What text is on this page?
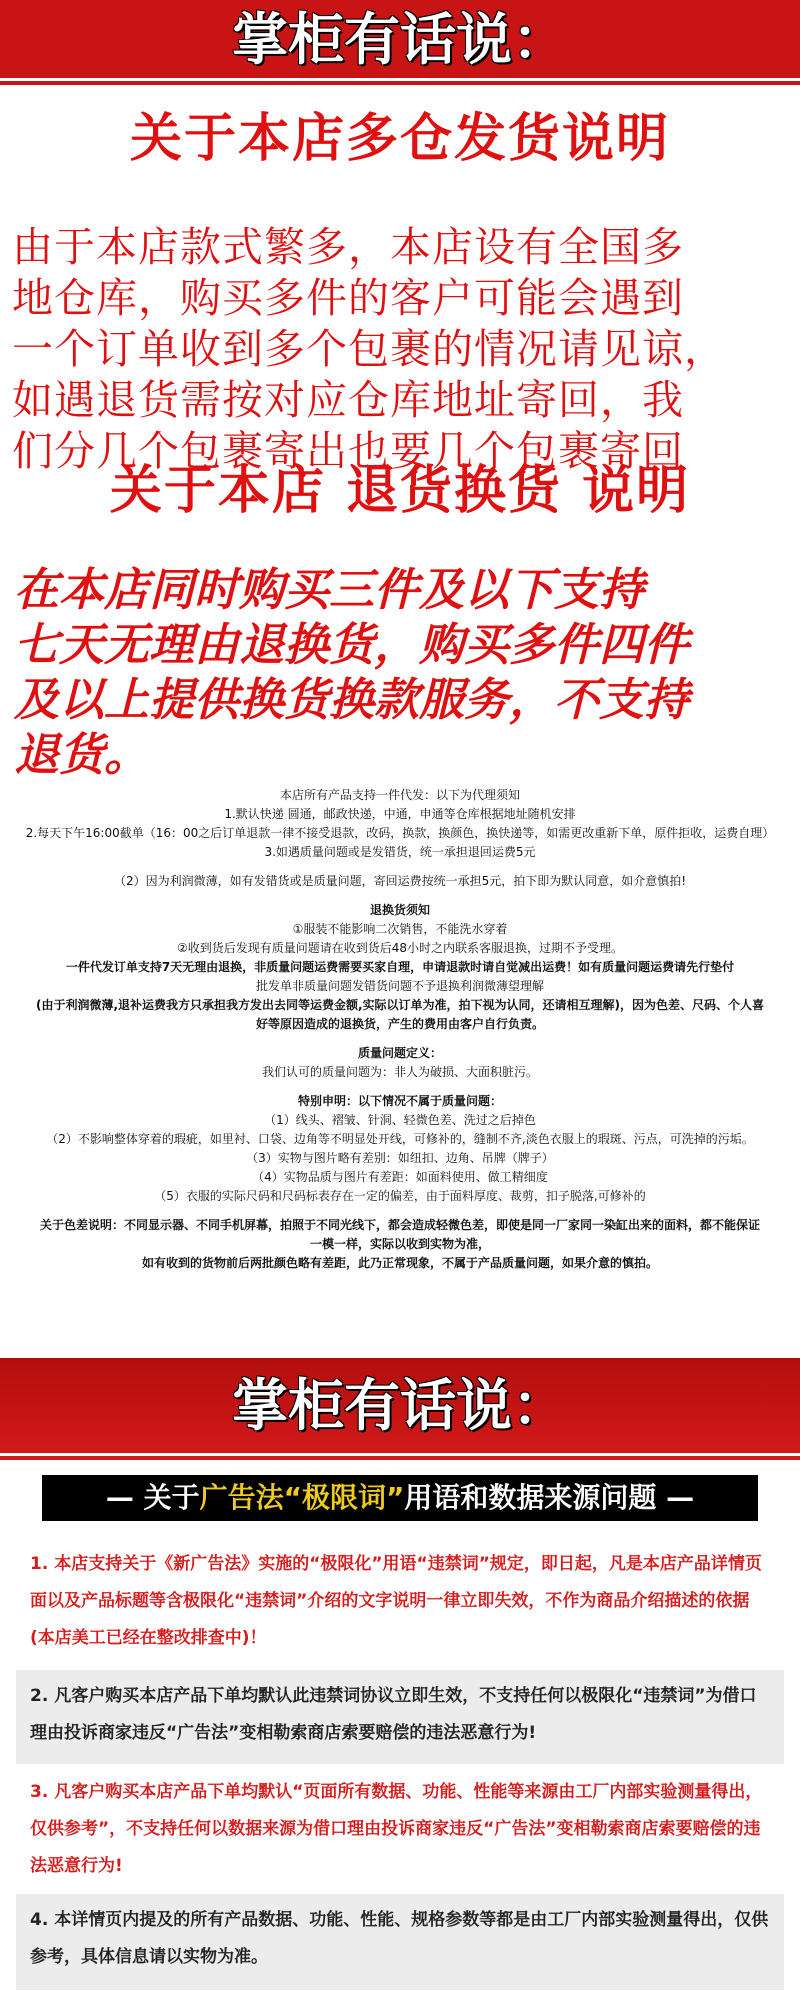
掌柜有话说：
关于本店多仓发货说明
由于本店款式繁多，本店设有全国多
地仓库，购买多件的客户可能会遇到
一个订单收到多个包裹的情况请见谅，
如遇退货需按对应仓库地址寄回，我
们分几个包裹寄出也要几个包裹寄回
关于本店 退货换货 说明
在本店同时购买三件及以下支持
七天无理由退换货，购买多件四件
及以上提供换货换款服务，不支持
退货。
本店所有产品支持一件代发：以下为代理须知
1.默认快递 圆通，邮政快递，中通，申通等仓库根据地址随机安排
2.每天下午16:00截单（16：00之后订单退款一律不接受退款，改码，换款，换颜色，换快递等，如需更改重新下单，原件拒收，运费自理）
3.如遇质量问题或是发错货，统一承担退回运费5元
（2）因为利润微薄，如有发错货或是质量问题，寄回运费按统一承担5元，拍下即为默认同意，如介意慎拍!
退换货须知
①服装不能影响二次销售，不能洗水穿着
②收到货后发现有质量问题请在收到货后48小时之内联系客服退换，过期不予受理。
一件代发订单支持7天无理由退换，非质量问题运费需要买家自理，申请退款时请自觉减出运费！如有质量问题运费请先行垫付
批发单非质量问题发错货问题不予退换利润微薄望理解
(由于利润微薄,退补运费我方只承担我方发出去同等运费金额,实际以订单为准，拍下视为认同，还请相互理解)，因为色差、尺码、个人喜
好等原因造成的退换货，产生的费用由客户自行负责。
质量问题定义：
我们认可的质量问题为：非人为破损、大面积脏污。
特别申明：以下情况不属于质量问题：
（1）线头、褶皱、针洞、轻微色差、洗过之后掉色
（2）不影响整体穿着的瑕疵，如里衬、口袋、边角等不明显处开线，可修补的，缝制不齐,淡色衣服上的瑕斑、污点，可洗掉的污垢。
（3）实物与图片略有差别：如纽扣、边角、吊牌（牌子）
（4）实物品质与图片有差距：如面料使用、做工精细度
（5）衣服的实际尺码和尺码标表存在一定的偏差，由于面料厚度、裁剪，扣子脱落,可修补的
关于色差说明：不同显示器、不同手机屏幕，拍照于不同光线下，都会造成轻微色差，即使是同一厂家同一染缸出来的面料，都不能保证
一模一样，实际以收到实物为准，
如有收到的货物前后两批颜色略有差距，此乃正常现象，不属于产品质量问题，如果介意的慎拍。
掌柜有话说：
— 关于广告法“极限词”用语和数据来源问题 —
1. 本店支持关于《新广告法》实施的“极限化”用语“违禁词”规定，即日起，凡是本店产品详情页面以及产品标题等含极限化“违禁词”介绍的文字说明一律立即失效，不作为商品介绍描述的依据(本店美工已经在整改排查中)！
2. 凡客户购买本店产品下单均默认此违禁词协议立即生效，不支持任何以极限化“违禁词”为借口理由投诉商家违反“广告法”变相勒索商店索要赔偿的违法恶意行为!
3. 凡客户购买本店产品下单均默认“页面所有数据、功能、性能等来源由工厂内部实验测量得出，仅供参考”，不支持任何以数据来源为借口理由投诉商家违反“广告法”变相勒索商店索要赔偿的违法恶意行为!
4. 本详情页内提及的所有产品数据、功能、性能、规格参数等都是由工厂内部实验测量得出，仅供参考，具体信息请以实物为准。
